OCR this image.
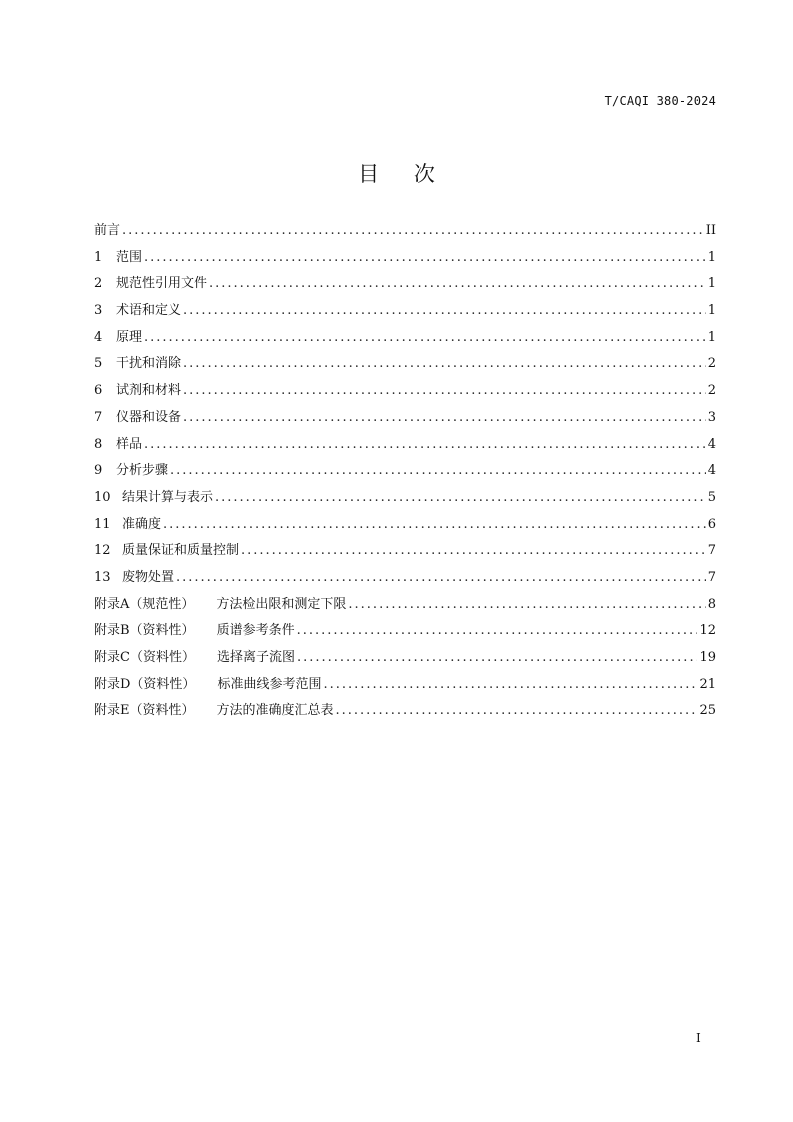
T/CAQI 380-2024
目 次
前言 .....	II
1	范围 .....	1
2	规范性引用文件 .....	1
3	术语和定义 .....	1
4	原理 .....	1
5	干扰和消除 .....	2
6	试剂和材料 .....	2
7	仪器和设备 .....	3
8	样品 .....	4
9	分析步骤 .....	4
10 结果计算与表示 .....	5
11 准确度 .....	6
12 质量保证和质量控制 .....	7
13 废物处置 .....	7
附录A（规范性） 方法检出限和测定下限 .....	8
附录B（资料性） 质谱参考条件 .....	12
附录C（资料性） 选择离子流图 .....	19
附录D（资料性） 标准曲线参考范围 .....	21
附录E（资料性） 方法的准确度汇总表 .....	25
I
